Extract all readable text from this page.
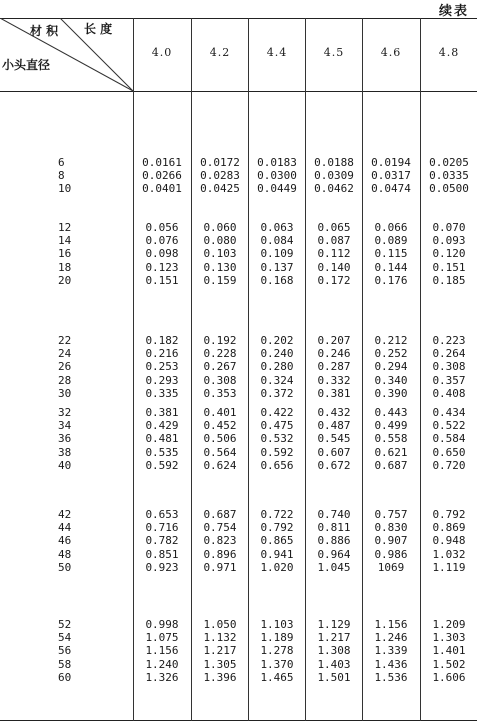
续表
材 积 长 度
小头直径
4.0	4.2	4.4	4.5	4.6	4.8
6	0.0161	0.0172	0.0183	0.0188	0.0194	0.0205
8	0.0266	0.0283	0.0300	0.0309	0.0317	0.0335
10	0.0401	0.0425	0.0449	0.0462	0.0474	0.0500
12	0.056	0.060	0.063	0.065	0.066	0.070
14	0.076	0.080	0.084	0.087	0.089	0.093
16	0.098	0.103	0.109	0.112	0.115	0.120
18	0.123	0.130	0.137	0.140	0.144	0.151
20	0.151	0.159	0.168	0.172	0.176	0.185
22	0.182	0.192	0.202	0.207	0.212	0.223
24	0.216	0.228	0.240	0.246	0.252	0.264
26	0.253	0.267	0.280	0.287	0.294	0.308
28	0.293	0.308	0.324	0.332	0.340	0.357
30	0.335	0.353	0.372	0.381	0.390	0.408
32	0.381	0.401	0.422	0.432	0.443	0.434
34	0.429	0.452	0.475	0.487	0.499	0.522
36	0.481	0.506	0.532	0.545	0.558	0.584
38	0.535	0.564	0.592	0.607	0.621	0.650
40	0.592	0.624	0.656	0.672	0.687	0.720
42	0.653	0.687	0.722	0.740	0.757	0.792
44	0.716	0.754	0.792	0.811	0.830	0.869
46	0.782	0.823	0.865	0.886	0.907	0.948
48	0.851	0.896	0.941	0.964	0.986	1.032
50	0.923	0.971	1.020	1.045	1069	1.119
52	0.998	1.050	1.103	1.129	1.156	1.209
54	1.075	1.132	1.189	1.217	1.246	1.303
56	1.156	1.217	1.278	1.308	1.339	1.401
58	1.240	1.305	1.370	1.403	1.436	1.502
60	1.326	1.396	1.465	1.501	1.536	1.606
